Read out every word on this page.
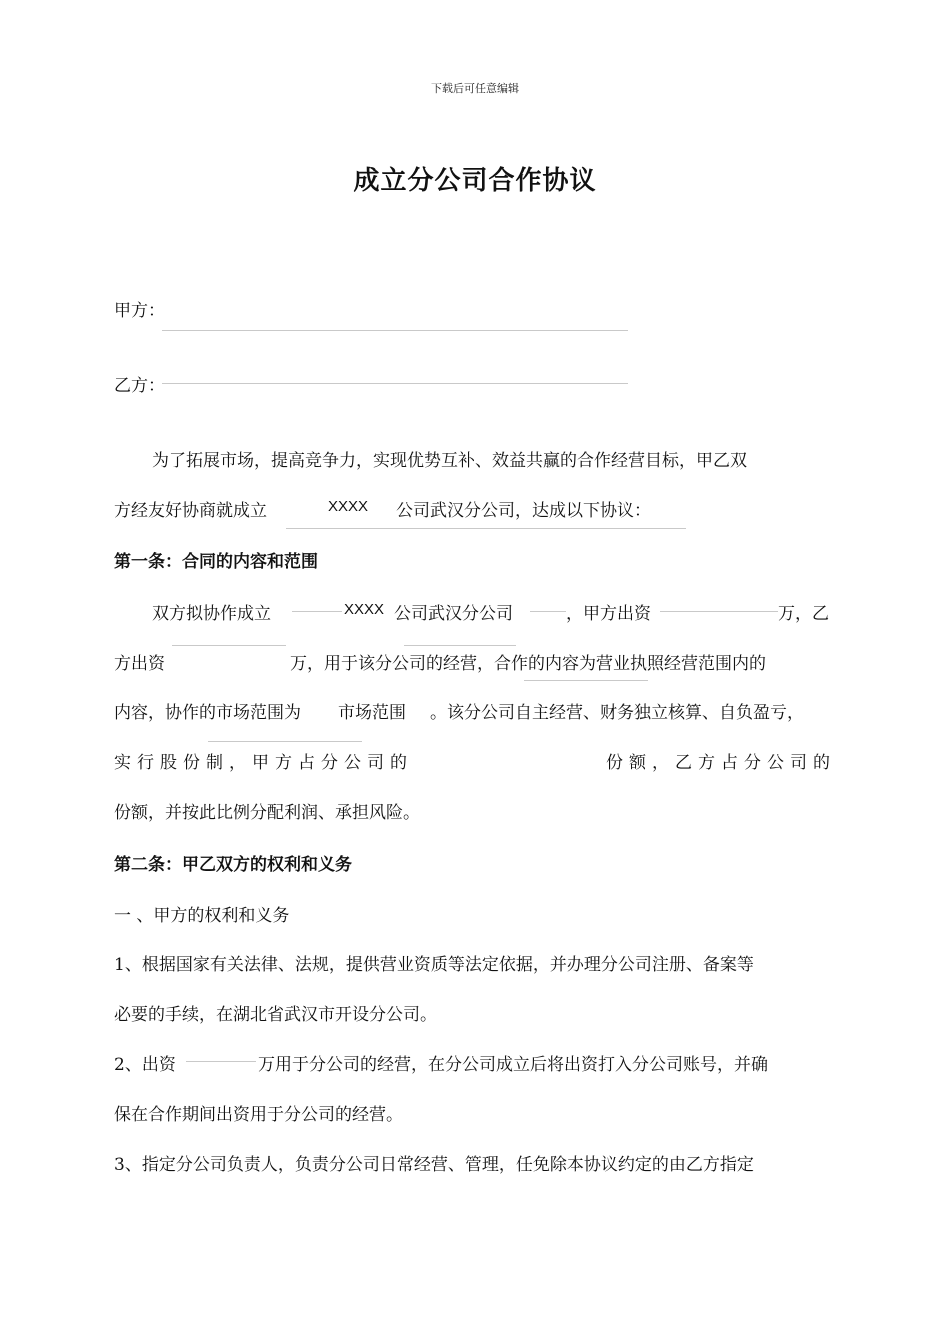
下载后可任意编辑
成立分公司合作协议
甲方：
乙方：
为了拓展市场，提高竞争力，实现优势互补、效益共赢的合作经营目标，甲乙双
方经友好协商就成立	XXXX 公司武汉分公司，达成以下协议：
第一条：合同的内容和范围
双方拟协作成立	XXXX 公司武汉分公司	，甲方出资	万，乙
方出资	万，用于该分公司的经营，合作的内容为营业执照经营范围内的
内容，协作的市场范围为 市场范围 。该分公司自主经营、财务独立核算、自负盈亏，
实行股份制，甲方占分公司的	份额，乙方占分公司的
份额，并按此比例分配利润、承担风险。
第二条：甲乙双方的权利和义务
一 、甲方的权利和义务
1、根据国家有关法律、法规，提供营业资质等法定依据，并办理分公司注册、备案等
必要的手续，在湖北省武汉市开设分公司。
2、出资	万用于分公司的经营，在分公司成立后将出资打入分公司账号，并确
保在合作期间出资用于分公司的经营。
3、指定分公司负责人，负责分公司日常经营、管理，任免除本协议约定的由乙方指定
